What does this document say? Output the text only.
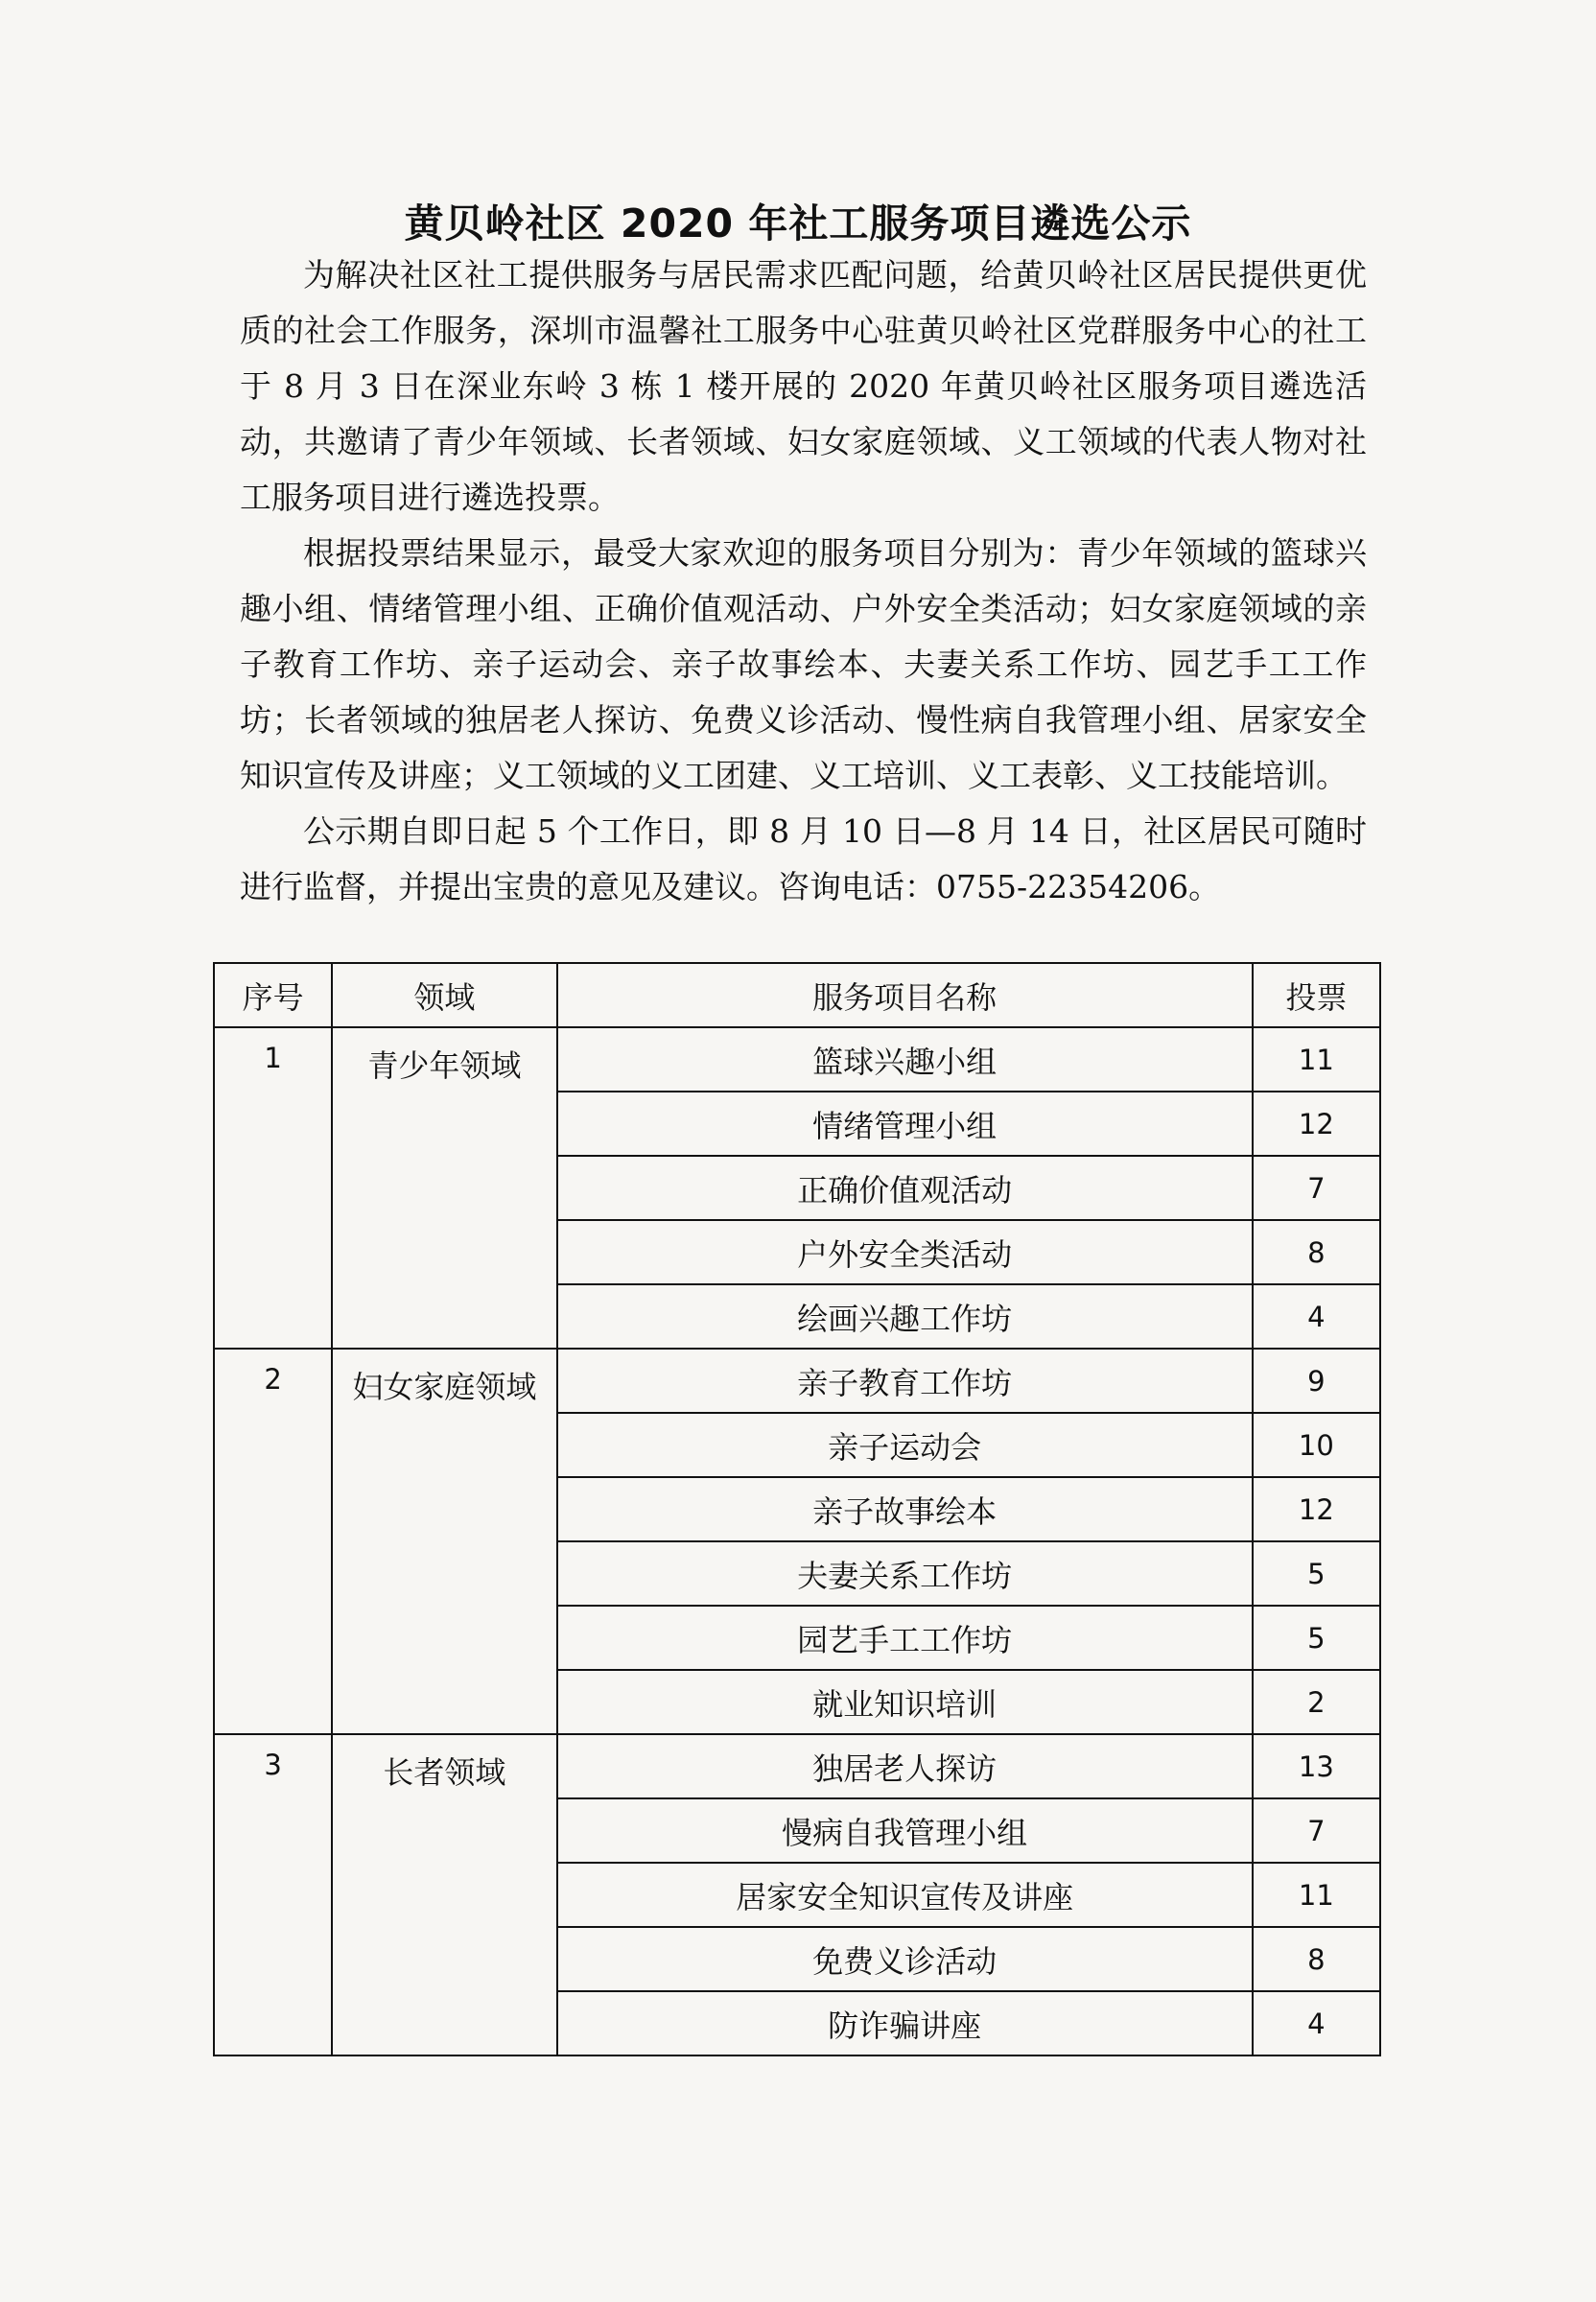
黄贝岭社区 2020 年社工服务项目遴选公示

为解决社区社工提供服务与居民需求匹配问题，给黄贝岭社区居民提供更优质的社会工作服务，深圳市温馨社工服务中心驻黄贝岭社区党群服务中心的社工于 8 月 3 日在深业东岭 3 栋 1 楼开展的 2020 年黄贝岭社区服务项目遴选活动，共邀请了青少年领域、长者领域、妇女家庭领域、义工领域的代表人物对社工服务项目进行遴选投票。

根据投票结果显示，最受大家欢迎的服务项目分别为：青少年领域的篮球兴趣小组、情绪管理小组、正确价值观活动、户外安全类活动；妇女家庭领域的亲子教育工作坊、亲子运动会、亲子故事绘本、夫妻关系工作坊、园艺手工工作坊；长者领域的独居老人探访、免费义诊活动、慢性病自我管理小组、居家安全知识宣传及讲座；义工领域的义工团建、义工培训、义工表彰、义工技能培训。

公示期自即日起 5 个工作日，即 8 月 10 日—8 月 14 日，社区居民可随时进行监督，并提出宝贵的意见及建议。咨询电话：0755-22354206。

序号	领域	服务项目名称	投票
1	青少年领域	篮球兴趣小组	11
		情绪管理小组	12
		正确价值观活动	7
		户外安全类活动	8
		绘画兴趣工作坊	4
2	妇女家庭领域	亲子教育工作坊	9
		亲子运动会	10
		亲子故事绘本	12
		夫妻关系工作坊	5
		园艺手工工作坊	5
		就业知识培训	2
3	长者领域	独居老人探访	13
		慢病自我管理小组	7
		居家安全知识宣传及讲座	11
		免费义诊活动	8
		防诈骗讲座	4
